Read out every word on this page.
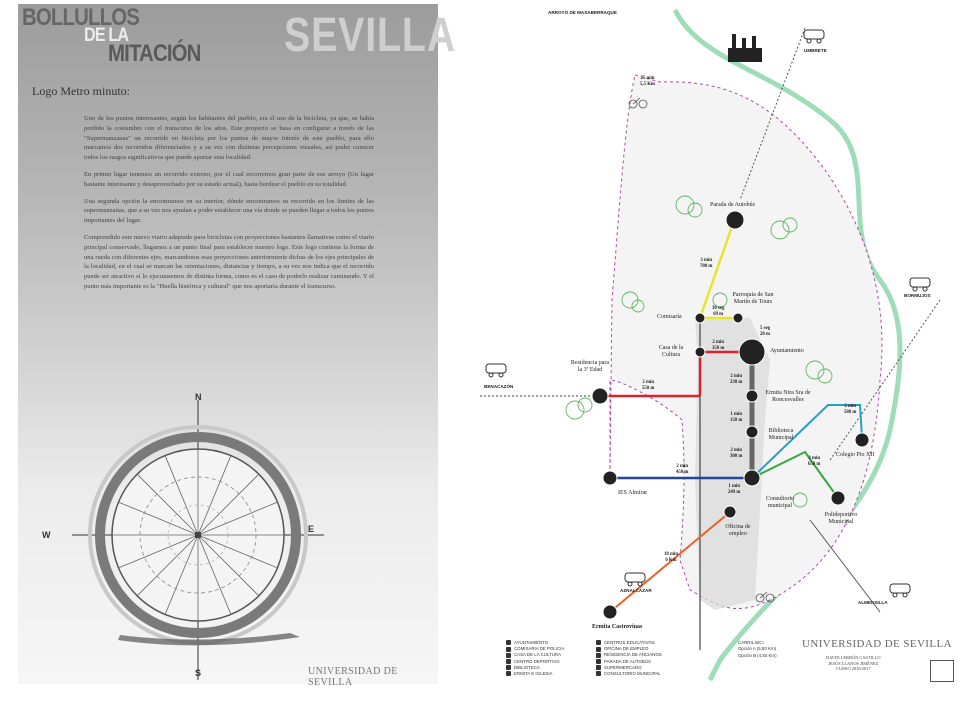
SEVILLA
BOLLULLOS
DE LA
MITACIÓN
Logo Metro minuto:

Uno de los puntos interesantes, según los habitantes del pueblo, era el uso de la bicicleta, ya que, se había perdido la costumbre con el transcurso de los años. Este proyecto se basa en configurar a través de las "Supermanzanas" un recorrido en bicicleta por los puntos de mayor interés de este pueblo, para ello marcamos dos recorridos diferenciados y a su vez con distintas percepciones visuales, así poder conocer todos los rasgos significativos que puede aportar esta localidad.

En primer lugar tenemos un recorrido externo, por el cual recorremos gran parte de ese arroyo (Un lugar bastante interesante y desaprovechado por su estado actual), hasta bordear el pueblo en su totalidad.

Una segunda opción la encontramos en su interior, dónde encontramos su recorrido en los límites de las supermanzanas, que a su vez nos ayudan a poder establecer una vía donde se pueden llegar a todos los puntos importantes del lugar.

Comprendido este nuevo viario adaptado para bicicletas con proyecciones bastantes llamativas como el viario principal conservado, llegamos a un punto final para establecer nuestro logo. Este logo contiene la forma de una rueda con diferentes ejes, marcandonos esas proyecciones anteriormente dichas de los ejes principales de la localidad, en el cual se marcan las orientaciones, distancias y tiempo, a su vez nos indica que el recorrido puede ser atractivo si lo ejecutasemos de distinta forma, como es el caso de poderlo realizar caminando. Y el punto más importante es la "Huella histórica y cultural" que nos aportaría durante el transcurso.

UNIVERSIDAD DE SEVILLA
N
S
E
W
ARROYO DE MASABERRAQUE
UMBRETE
BORMUJOS
BENACAZÓN
AZNALCÁZAR
ALMENSILLA
Parada de Autobús
Parroquia de San Martín de Tours
Comisaría
Casa de la Cultura
Ayuntamiento
Residencia para la 3ª Edad
Ermita Ntra Sra de Roncesvalles
Biblioteca Municipal
Colegio Pio XII
IES Almirar
Consultorio municipal
Polideportivo Municipal
Oficina de empleo
Ermita Castrovinas
25 min
5,5 Km
3 min
700 m
30 seg
69 m
5 seg
20 m
2 min
350 m
2 min
230 m
2 min
550 m
1 min
150 m
2 min
580 m
2 min
300 m	3 min
650 m
2 min
450 m
1 min
249 m
18 min
6 Km
AYUNTAMIENTO
COMISARIA DE POLICIA
CASA DE LA CULTURA
CENTRO DEPORTIVO
BIBLIOTECA
ERMITA E IGLESIA
CENTROS EDUCATIVOS
OFICINA DE EMPLEO
RESIDENCIA DE ANCIANOS
PARADA DE AUTOBÚS
SUPERMERCADO
CONSULTORIO MUNICIPAL
CARRIL BICI
Opción A (5,50 Km)
Opción B (4,50 Km)
UNIVERSIDAD DE SEVILLA
DAVID LERRÓN CASTILLO
JESÚS LLANOS JIMÉNEZ
CURSO 2016/2017
